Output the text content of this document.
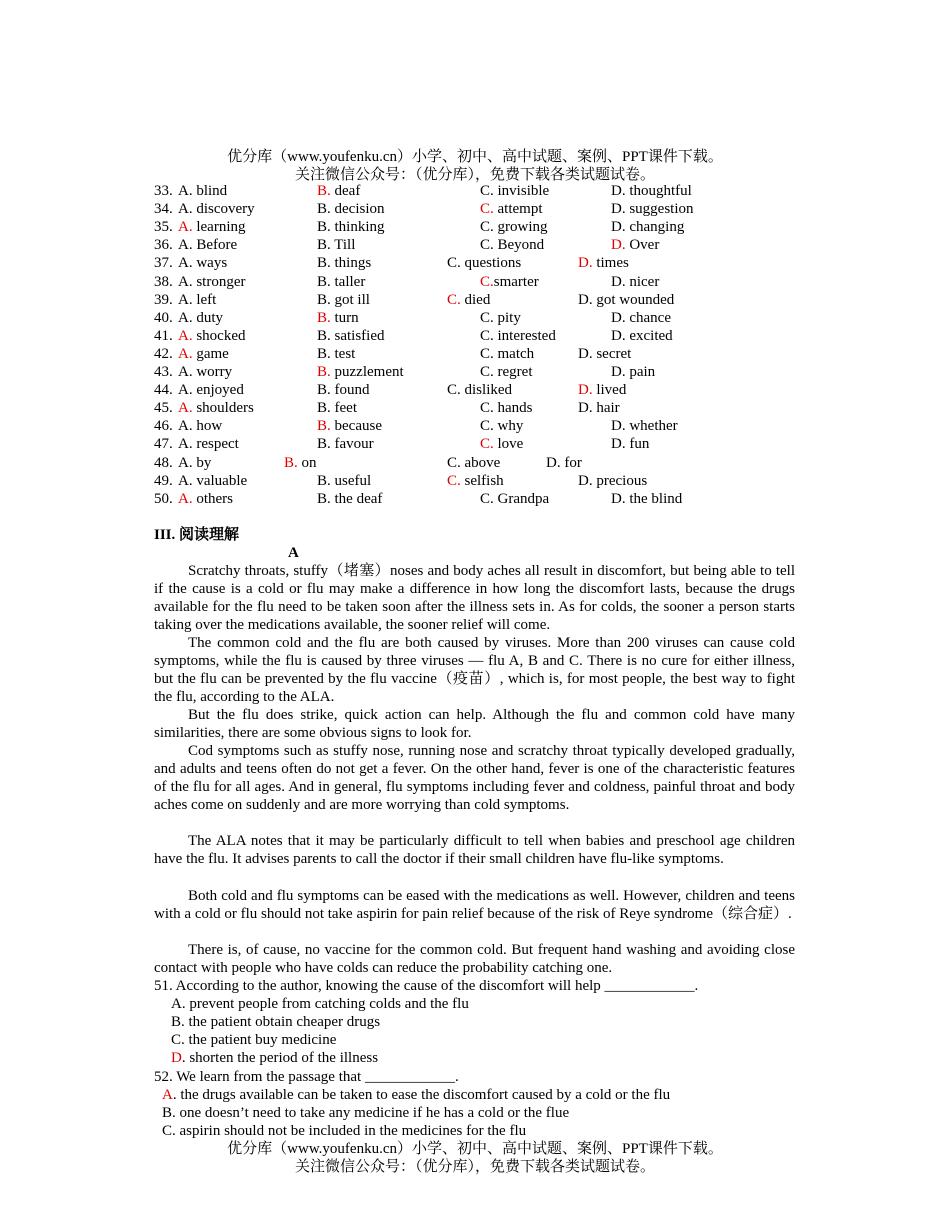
优分库（www.youfenku.cn）小学、初中、高中试题、案例、PPT课件下载。
关注微信公众号：（优分库），免费下载各类试题试卷。
33. A. blind	B. deaf	C. invisible	D. thoughtful
34. A. discovery	B. decision	C. attempt	D. suggestion
35. A. learning	B. thinking	C. growing	D. changing
36. A. Before	B. Till	C. Beyond	D. Over
37. A. ways	B. things	C. questions	D. times
38. A. stronger	B. taller	C.smarter	D. nicer
39. A. left	B. got ill	C. died	D. got wounded
40. A. duty	B. turn	C. pity	D. chance
41. A. shocked	B. satisfied	C. interested	D. excited
42. A. game	B. test	C. match	D. secret
43. A. worry	B. puzzlement	C. regret	D. pain
44. A. enjoyed	B. found	C. disliked	D. lived
45. A. shoulders	B. feet	C. hands	D. hair
46. A. how	B. because	C. why	D. whether
47. A. respect	B. favour	C. love	D. fun
48. A. by	B. on	C. above	D. for
49. A. valuable	B. useful	C. selfish	D. precious
50. A. others	B. the deaf	C. Grandpa	D. the blind
III. 阅读理解
A

Scratchy throats, stuffy（堵塞）noses and body aches all result in discomfort, but being able to tell if the cause is a cold or flu may make a difference in how long the discomfort lasts, because the drugs available for the flu need to be taken soon after the illness sets in. As for colds, the sooner a person starts taking over the medications available, the sooner relief will come.

The common cold and the flu are both caused by viruses. More than 200 viruses can cause cold symptoms, while the flu is caused by three viruses — flu A, B and C. There is no cure for either illness, but the flu can be prevented by the flu vaccine（疫苗）, which is, for most people, the best way to fight the flu, according to the ALA.

But the flu does strike, quick action can help. Although the flu and common cold have many similarities, there are some obvious signs to look for.

Cod symptoms such as stuffy nose, running nose and scratchy throat typically developed gradually, and adults and teens often do not get a fever. On the other hand, fever is one of the characteristic features of the flu for all ages. And in general, flu symptoms including fever and coldness, painful throat and body aches come on suddenly and are more worrying than cold symptoms.

The ALA notes that it may be particularly difficult to tell when babies and preschool age children have the flu. It advises parents to call the doctor if their small children have flu-like symptoms.

Both cold and flu symptoms can be eased with the medications as well. However, children and teens with a cold or flu should not take aspirin for pain relief because of the risk of Reye syndrome（综合症）.

There is, of cause, no vaccine for the common cold. But frequent hand washing and avoiding close contact with people who have colds can reduce the probability catching one.

51. According to the author, knowing the cause of the discomfort will help ____________.
A. prevent people from catching colds and the flu
B. the patient obtain cheaper drugs
C. the patient buy medicine
D. shorten the period of the illness
52. We learn from the passage that ____________.
A. the drugs available can be taken to ease the discomfort caused by a cold or the flu
B. one doesn’t need to take any medicine if he has a cold or the flue
C. aspirin should not be included in the medicines for the flu
优分库（www.youfenku.cn）小学、初中、高中试题、案例、PPT课件下载。
关注微信公众号：（优分库），免费下载各类试题试卷。
